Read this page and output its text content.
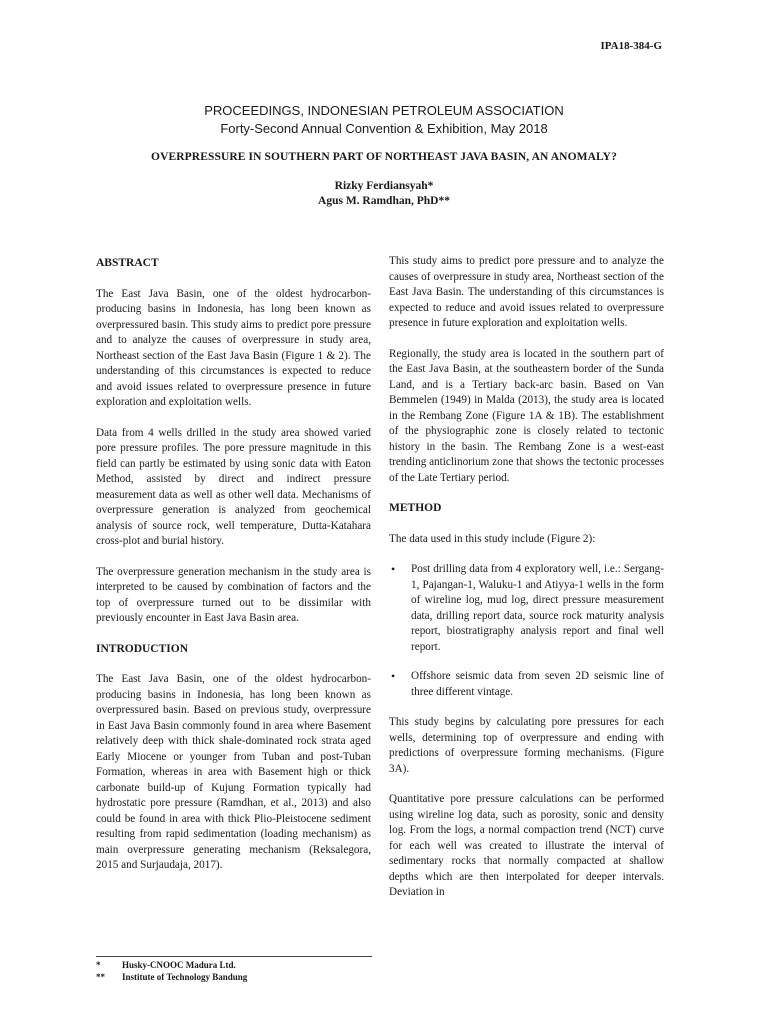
IPA18-384-G
PROCEEDINGS, INDONESIAN PETROLEUM ASSOCIATION
Forty-Second Annual Convention & Exhibition, May 2018
OVERPRESSURE IN SOUTHERN PART OF NORTHEAST JAVA BASIN, AN ANOMALY?
Rizky Ferdiansyah*
Agus M. Ramdhan, PhD**
ABSTRACT

The East Java Basin, one of the oldest hydrocarbon-producing basins in Indonesia, has long been known as overpressured basin. This study aims to predict pore pressure and to analyze the causes of overpressure in study area, Northeast section of the East Java Basin (Figure 1 & 2). The understanding of this circumstances is expected to reduce and avoid issues related to overpressure presence in future exploration and exploitation wells.

Data from 4 wells drilled in the study area showed varied pore pressure profiles. The pore pressure magnitude in this field can partly be estimated by using sonic data with Eaton Method, assisted by direct and indirect pressure measurement data as well as other well data. Mechanisms of overpressure generation is analyzed from geochemical analysis of source rock, well temperature, Dutta-Katahara cross-plot and burial history.

The overpressure generation mechanism in the study area is interpreted to be caused by combination of factors and the top of overpressure turned out to be dissimilar with previously encounter in East Java Basin area.

INTRODUCTION

The East Java Basin, one of the oldest hydrocarbon-producing basins in Indonesia, has long been known as overpressured basin. Based on previous study, overpressure in East Java Basin commonly found in area where Basement relatively deep with thick shale-dominated rock strata aged Early Miocene or younger from Tuban and post-Tuban Formation, whereas in area with Basement high or thick carbonate build-up of Kujung Formation typically had hydrostatic pore pressure (Ramdhan, et al., 2013) and also could be found in area with thick Plio-Pleistocene sediment resulting from rapid sedimentation (loading mechanism) as main overpressure generating mechanism (Reksalegora, 2015 and Surjaudaja, 2017).

This study aims to predict pore pressure and to analyze the causes of overpressure in study area, Northeast section of the East Java Basin. The understanding of this circumstances is expected to reduce and avoid issues related to overpressure presence in future exploration and exploitation wells.

Regionally, the study area is located in the southern part of the East Java Basin, at the southeastern border of the Sunda Land, and is a Tertiary back-arc basin. Based on Van Bemmelen (1949) in Malda (2013), the study area is located in the Rembang Zone (Figure 1A & 1B). The establishment of the physiographic zone is closely related to tectonic history in the basin. The Rembang Zone is a west-east trending anticlinorium zone that shows the tectonic processes of the Late Tertiary period.

METHOD

The data used in this study include (Figure 2):

• Post drilling data from 4 exploratory well, i.e.: Sergang-1, Pajangan-1, Waluku-1 and Atiyya-1 wells in the form of wireline log, mud log, direct pressure measurement data, drilling report data, source rock maturity analysis report, biostratigraphy analysis report and final well report.
• Offshore seismic data from seven 2D seismic line of three different vintage.

This study begins by calculating pore pressures for each wells, determining top of overpressure and ending with predictions of overpressure forming mechanisms. (Figure 3A).

Quantitative pore pressure calculations can be performed using wireline log data, such as porosity, sonic and density log. From the logs, a normal compaction trend (NCT) curve for each well was created to illustrate the interval of sedimentary rocks that normally compacted at shallow depths which are then interpolated for deeper intervals. Deviation in

* Husky-CNOOC Madura Ltd.
** Institute of Technology Bandung
